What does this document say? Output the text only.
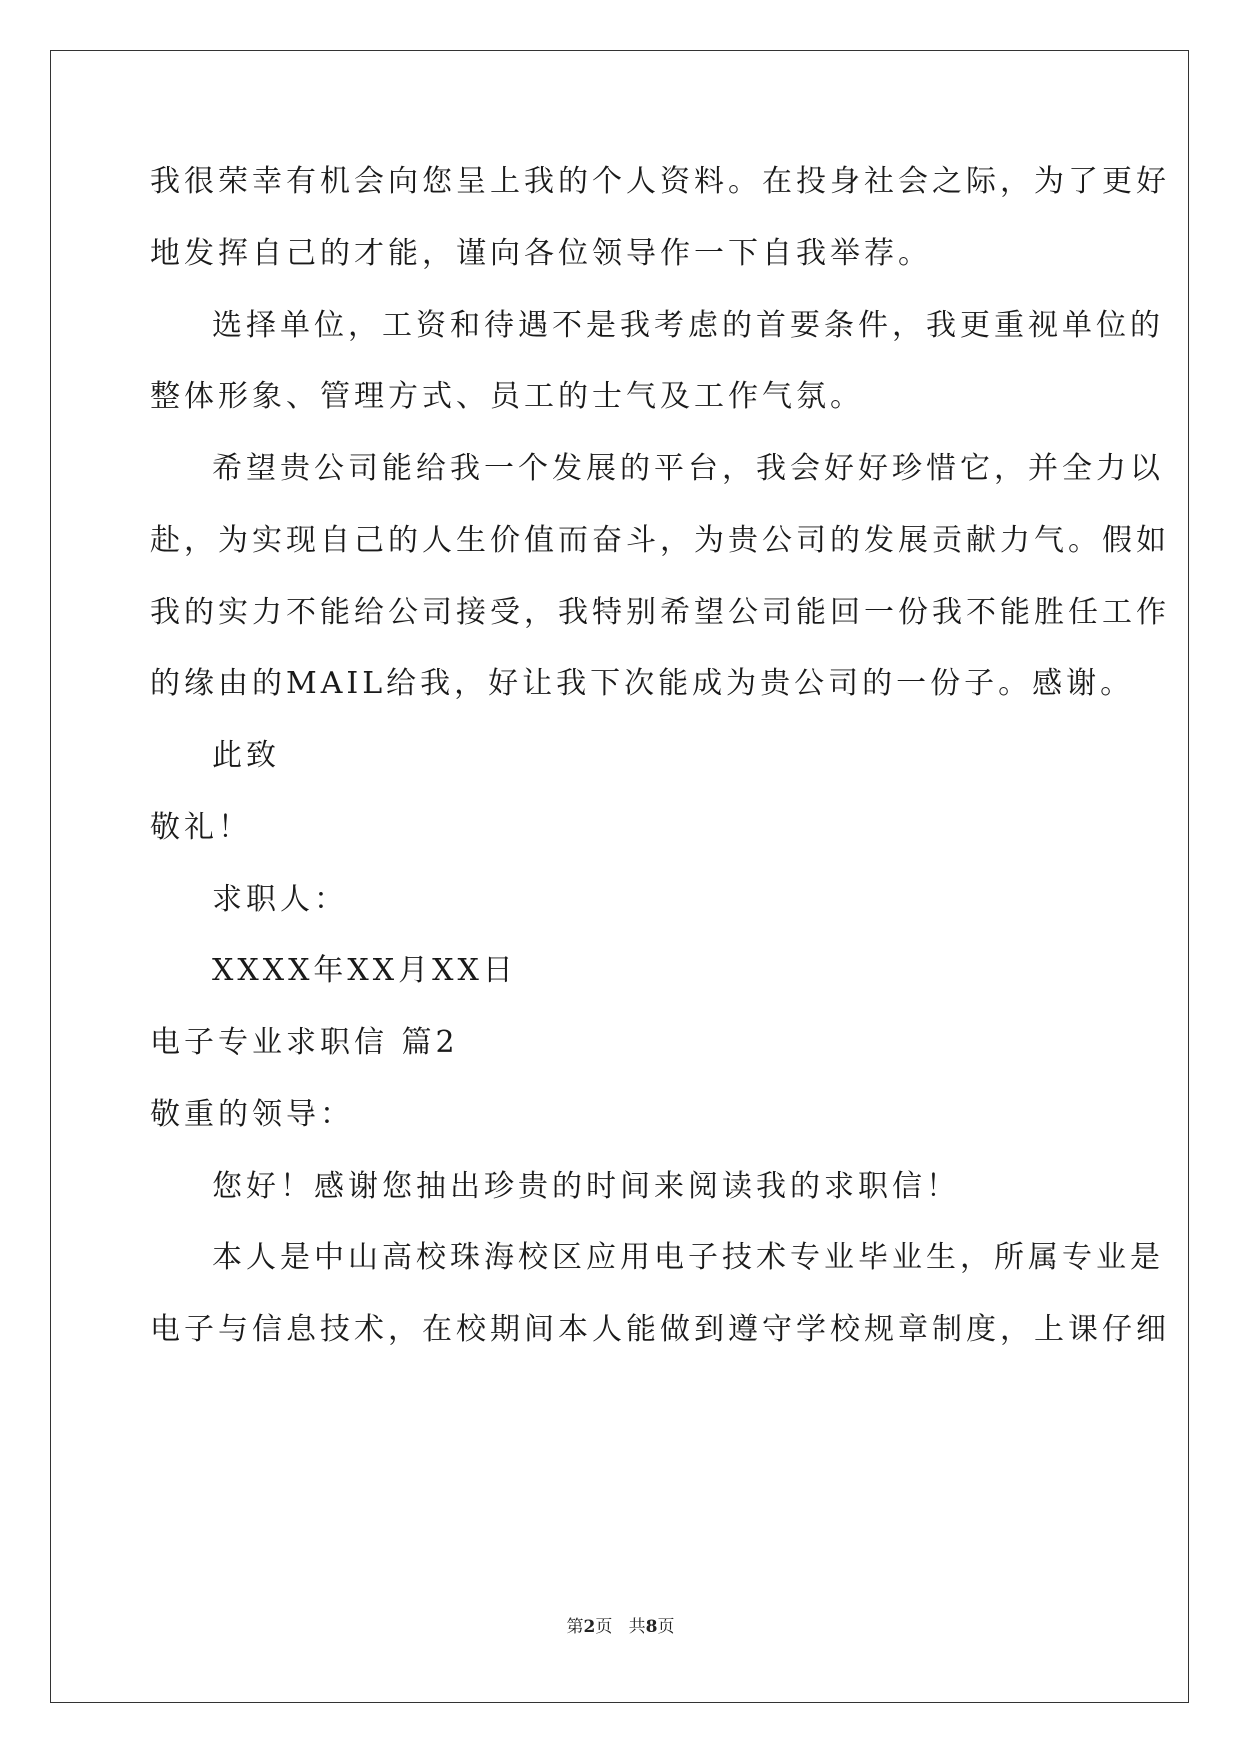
我很荣幸有机会向您呈上我的个人资料。在投身社会之际，为了更好
地发挥自己的才能，谨向各位领导作一下自我举荐。
选择单位，工资和待遇不是我考虑的首要条件，我更重视单位的
整体形象、管理方式、员工的士气及工作气氛。
希望贵公司能给我一个发展的平台，我会好好珍惜它，并全力以
赴，为实现自己的人生价值而奋斗，为贵公司的发展贡献力气。假如
我的实力不能给公司接受，我特别希望公司能回一份我不能胜任工作
的缘由的MAIL给我，好让我下次能成为贵公司的一份子。感谢。
此致
敬礼！
求职人：
XXXX年XX月XX日
电子专业求职信 篇2
敬重的领导：
您好！感谢您抽出珍贵的时间来阅读我的求职信！
本人是中山高校珠海校区应用电子技术专业毕业生，所属专业是
电子与信息技术，在校期间本人能做到遵守学校规章制度，上课仔细
第2页   共8页
